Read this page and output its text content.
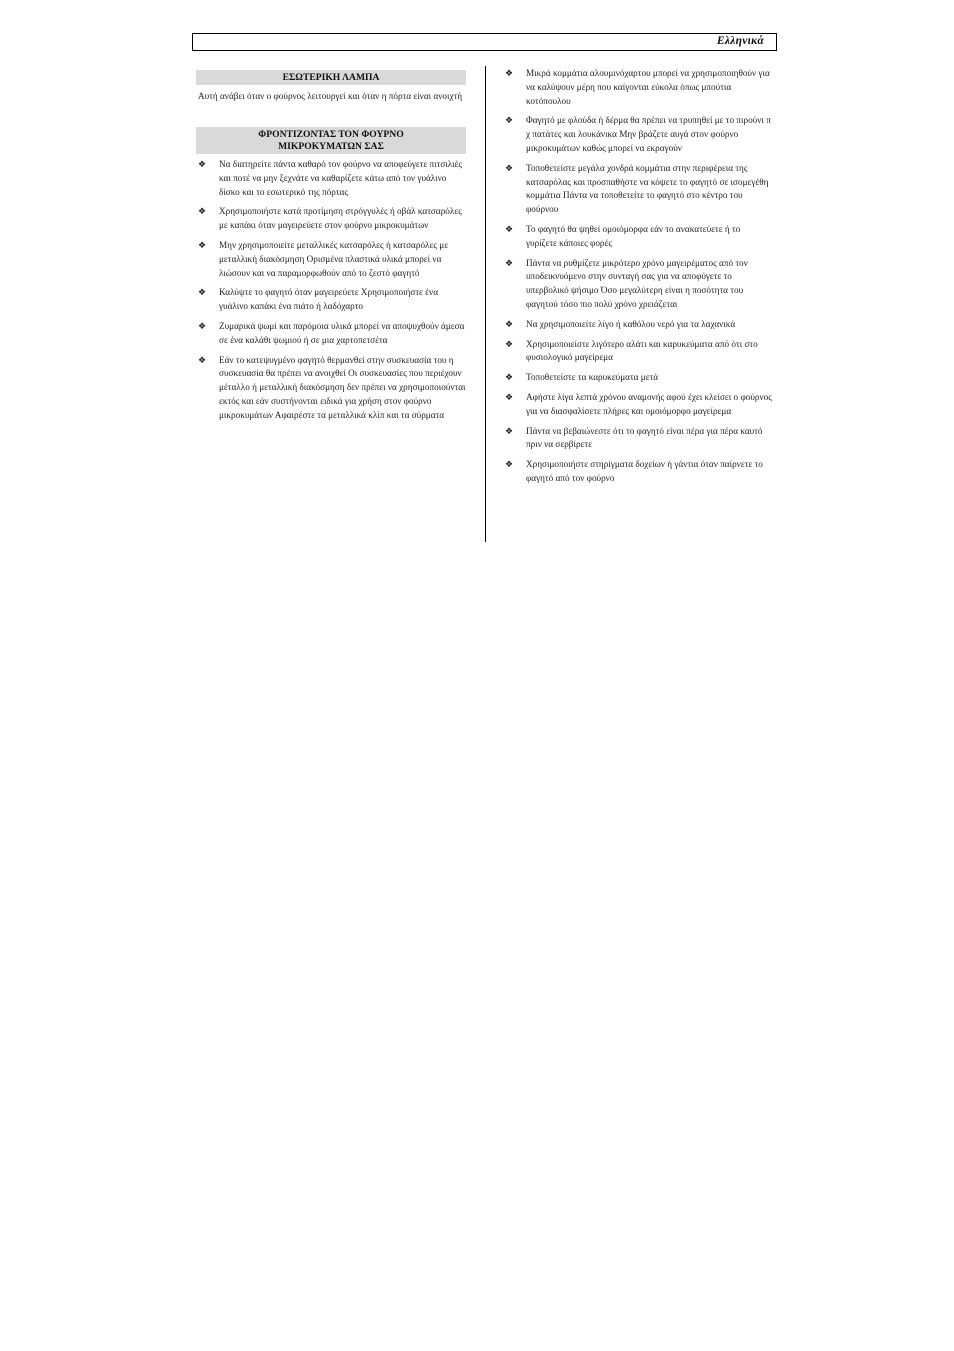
Ελληνικά
ΕΣΩΤΕΡΙΚΗ ΛΑΜΠΑ

Αυτή ανάβει όταν ο φούρνος λειτουργεί και όταν η πόρτα είναι ανοιχτή

ΦΡΟΝΤΙΖΟΝΤΑΣ ΤΟΝ ΦΟΥΡΝΟ
ΜΙΚΡΟΚΥΜΑΤΩΝ ΣΑΣ
❖ Να διατηρείτε πάντα καθαρό τον φούρνο να αποφεύγετε πιτσιλιές και ποτέ να μην ξεχνάτε να καθαρίζετε κάτω από τον γυάλινο δίσκο και το εσωτερικό της πόρτας
❖ Χρησιμοποιήστε κατά προτίμηση στρόγγυλές ή οβάλ κατσαρόλες με καπάκι όταν μαγειρεύετε στον φούρνο μικροκυμάτων
❖ Μην χρησιμοποιείτε μεταλλικές κατσαρόλες ή κατσαρόλες με μεταλλική διακόσμηση Ορισμένα πλαστικά υλικά μπορεί να λιώσουν και να παραμορφωθούν από το ζεστό φαγητό
❖ Καλύψτε το φαγητό όταν μαγειρεύετε Χρησιμοποιήστε ένα γυάλινο καπάκι ένα πιάτο ή λαδόχαρτο
❖ Ζυμαρικά ψωμί και παρόμοια υλικά μπορεί να αποψυχθούν άμεσα σε ένα καλάθι ψωμιού ή σε μια χαρτοπετσέτα
❖ Εάν το κατεψυγμένο φαγητό θερμανθεί στην συσκευασία του η συσκευασία θα πρέπει να ανοιχθεί Οι συσκευασίες που περιέχουν μέταλλο ή μεταλλική διακόσμηση δεν πρέπει να χρησιμοποιούνται εκτός και εάν συστήνονται ειδικά για χρήση στον φούρνο μικροκυμάτων Αφαιρέστε τα μεταλλικά κλίπ και τα σύρματα
❖ Μικρά κομμάτια αλουμινόχαρτου μπορεί να χρησιμοποιηθούν για να καλύψουν μέρη που καίγονται εύκολα όπως μπούτια κοτόπουλου
❖ Φαγητό με φλούδα ή δέρμα θα πρέπει να τρυπηθεί με το πιρούνι π χ πατάτες και λουκάνικα Μην βράζετε αυγά στον φούρνο μικροκυμάτων καθώς μπορεί να εκραγούν
❖ Τοποθετείστε μεγάλα χονδρά κομμάτια στην περιφέρεια της κατσαρόλας και προσπαθήστε να κόψετε το φαγητό σε ισομεγέθη κομμάτια Πάντα να τοποθετείτε το φαγητό στο κέντρο του φούρνου
❖ Το φαγητό θα ψηθεί ομοιόμορφα εάν το ανακατεύετε ή το γυρίζετε κάποιες φορές
❖ Πάντα να ρυθμίζετε μικρότερο χρόνο μαγειρέματος από τον υποδεικνυόμενο στην συνταγή σας για να αποφύγετε το υπερβολικό ψήσιμο Όσο μεγαλύτερη είναι η ποσότητα του φαγητού τόσο πιο πολύ χρόνο χρειάζεται
❖ Να χρησιμοποιείτε λίγο ή καθόλου νερό για τα λαχανικά
❖ Χρησιμοποιείστε λιγότερο αλάτι και καρυκεύματα από ότι στο φυσιολογικό μαγείρεμα
❖ Τοποθετείστε τα καρυκεύματα μετά
❖ Αφήστε λίγα λεπτά χρόνου αναμονής αφού έχει κλείσει ο φούρνος για να διασφαλίσετε πλήρες και ομοιόμορφο μαγείρεμα
❖ Πάντα να βεβαιώνεστε ότι το φαγητό είναι πέρα για πέρα καυτό πριν να σερβίρετε
❖ Χρησιμοποιήστε στηρίγματα δοχείων ή γάντια όταν παίρνετε το φαγητό από τον φούρνο
